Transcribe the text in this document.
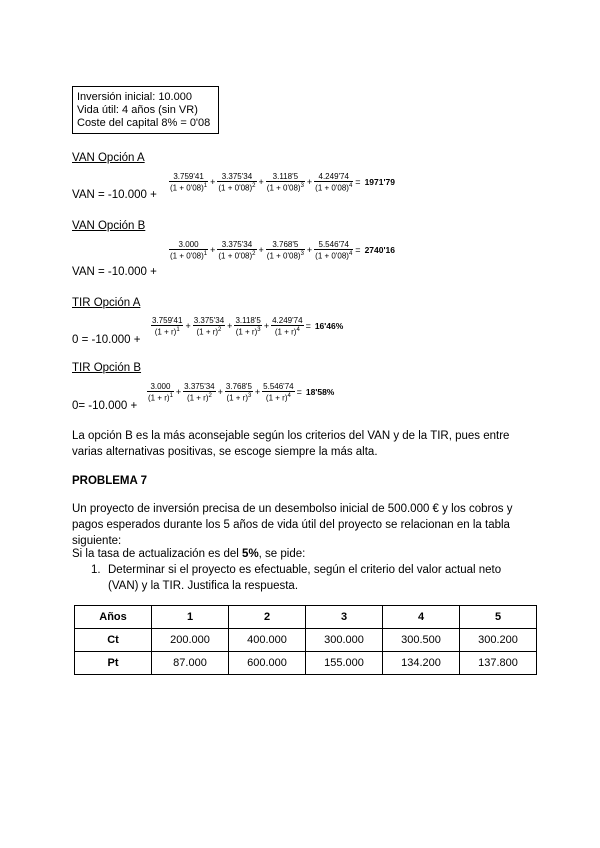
Inversión inicial: 10.000
Vida útil: 4 años (sin VR)
Coste del capital 8% = 0'08
VAN Opción A
VAN = -10.000 +
$\frac{3.759'41}{(1 + 0'08)^1} + \frac{3.375'34}{(1 + 0'08)^2} + \frac{3.118'5}{(1 + 0'08)^3} + \frac{4.249'74}{(1 + 0'08)^4} = 1971'79$
VAN Opción B
VAN = -10.000 +
$\frac{3.000}{(1 + 0'08)^1} + \frac{3.375'34}{(1 + 0'08)^2} + \frac{3.768'5}{(1 + 0'08)^3} + \frac{5.546'74}{(1 + 0'08)^4} = 2740'16$
TIR Opción A
0 = -10.000 +
$\frac{3.759'41}{(1 + r)^1} + \frac{3.375'34}{(1 + r)^2} + \frac{3.118'5}{(1 + r)^3} + \frac{4.249'74}{(1 + r)^4} = 16'46\%$
TIR Opción B
0= -10.000 +
$\frac{3.000}{(1 + r)^1} + \frac{3.375'34}{(1 + r)^2} + \frac{3.768'5}{(1 + r)^3} + \frac{5.546'74}{(1 + r)^4} = 18'58\%$
La opción B es la más aconsejable según los criterios del VAN y de la TIR, pues entre varias alternativas positivas, se escoge siempre la más alta.
PROBLEMA 7
Un proyecto de inversión precisa de un desembolso inicial de 500.000 € y los cobros y pagos esperados durante los 5 años de vida útil del proyecto se relacionan en la tabla siguiente:
Si la tasa de actualización es del 5%, se pide:
1. Determinar si el proyecto es efectuable, según el criterio del valor actual neto (VAN) y la TIR. Justifica la respuesta.
Años	1	2	3	4	5
Ct	200.000	400.000	300.000	300.500	300.200
Pt	87.000	600.000	155.000	134.200	137.800
